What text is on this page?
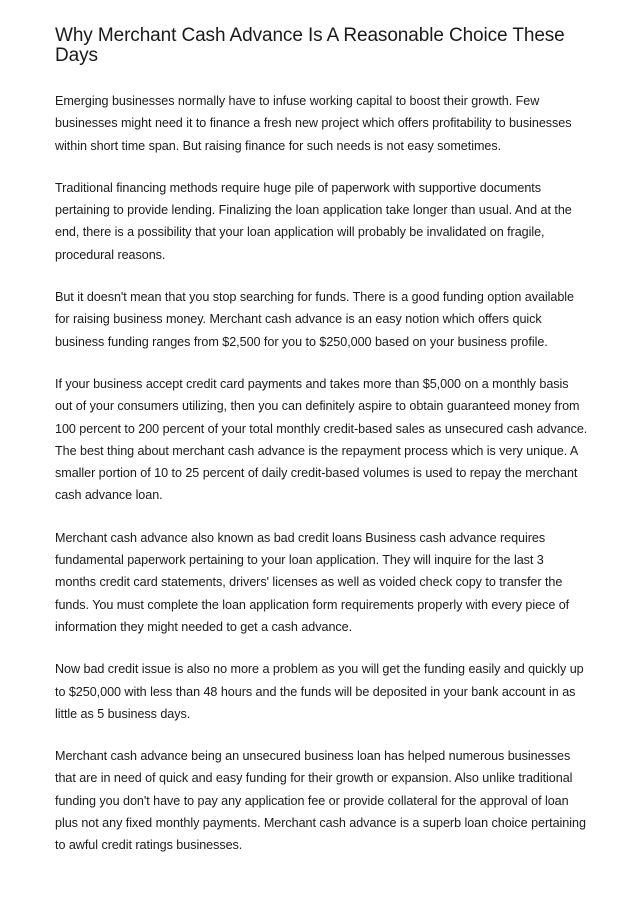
Why Merchant Cash Advance Is A Reasonable Choice These Days

Emerging businesses normally have to infuse working capital to boost their growth. Few businesses might need it to finance a fresh new project which offers profitability to businesses within short time span. But raising finance for such needs is not easy sometimes.

Traditional financing methods require huge pile of paperwork with supportive documents pertaining to provide lending. Finalizing the loan application take longer than usual. And at the end, there is a possibility that your loan application will probably be invalidated on fragile, procedural reasons.

But it doesn't mean that you stop searching for funds. There is a good funding option available for raising business money. Merchant cash advance is an easy notion which offers quick business funding ranges from $2,500 for you to $250,000 based on your business profile.

If your business accept credit card payments and takes more than $5,000 on a monthly basis out of your consumers utilizing, then you can definitely aspire to obtain guaranteed money from 100 percent to 200 percent of your total monthly credit-based sales as unsecured cash advance. The best thing about merchant cash advance is the repayment process which is very unique. A smaller portion of 10 to 25 percent of daily credit-based volumes is used to repay the merchant cash advance loan.

Merchant cash advance also known as bad credit loans Business cash advance requires fundamental paperwork pertaining to your loan application. They will inquire for the last 3 months credit card statements, drivers' licenses as well as voided check copy to transfer the funds. You must complete the loan application form requirements properly with every piece of information they might needed to get a cash advance.

Now bad credit issue is also no more a problem as you will get the funding easily and quickly up to $250,000 with less than 48 hours and the funds will be deposited in your bank account in as little as 5 business days.

Merchant cash advance being an unsecured business loan has helped numerous businesses that are in need of quick and easy funding for their growth or expansion. Also unlike traditional funding you don't have to pay any application fee or provide collateral for the approval of loan plus not any fixed monthly payments. Merchant cash advance is a superb loan choice pertaining to awful credit ratings businesses.
